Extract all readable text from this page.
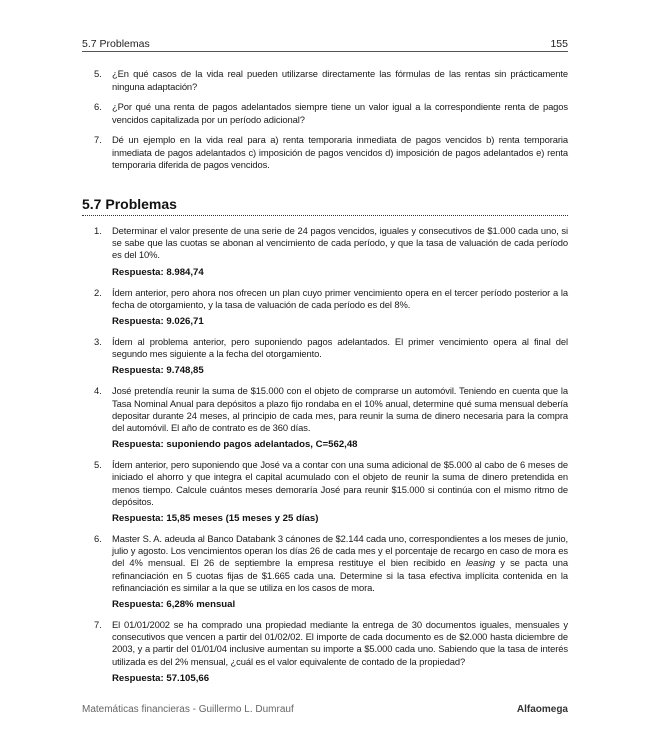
5.7 Problemas	155
5. ¿En qué casos de la vida real pueden utilizarse directamente las fórmulas de las rentas sin prácticamente ninguna adaptación?
6. ¿Por qué una renta de pagos adelantados siempre tiene un valor igual a la correspondiente renta de pagos vencidos capitalizada por un período adicional?
7. Dé un ejemplo en la vida real para a) renta temporaria inmediata de pagos vencidos b) renta temporaria inmediata de pagos adelantados c) imposición de pagos vencidos d) imposición de pagos adelantados e) renta temporaria diferida de pagos vencidos.
5.7 Problemas
1. Determinar el valor presente de una serie de 24 pagos vencidos, iguales y consecutivos de $1.000 cada uno, si se sabe que las cuotas se abonan al vencimiento de cada período, y que la tasa de valuación de cada período es del 10%.
Respuesta: 8.984,74
2. Ídem anterior, pero ahora nos ofrecen un plan cuyo primer vencimiento opera en el tercer período posterior a la fecha de otorgamiento, y la tasa de valuación de cada período es del 8%.
Respuesta: 9.026,71
3. Ídem al problema anterior, pero suponiendo pagos adelantados. El primer vencimiento opera al final del segundo mes siguiente a la fecha del otorgamiento.
Respuesta: 9.748,85
4. José pretendía reunir la suma de $15.000 con el objeto de comprarse un automóvil. Teniendo en cuenta que la Tasa Nominal Anual para depósitos a plazo fijo rondaba en el 10% anual, determine qué suma mensual debería depositar durante 24 meses, al principio de cada mes, para reunir la suma de dinero necesaria para la compra del automóvil. El año de contrato es de 360 días.
Respuesta: suponiendo pagos adelantados, C=562,48
5. Ídem anterior, pero suponiendo que José va a contar con una suma adicional de $5.000 al cabo de 6 meses de iniciado el ahorro y que integra el capital acumulado con el objeto de reunir la suma de dinero pretendida en menos tiempo. Calcule cuántos meses demoraría José para reunir $15.000 si continúa con el mismo ritmo de depósitos.
Respuesta: 15,85 meses (15 meses y 25 días)
6. Master S. A. adeuda al Banco Databank 3 cánones de $2.144 cada uno, correspondientes a los meses de junio, julio y agosto. Los vencimientos operan los días 26 de cada mes y el porcentaje de recargo en caso de mora es del 4% mensual. El 26 de septiembre la empresa restituye el bien recibido en leasing y se pacta una refinanciación en 5 cuotas fijas de $1.665 cada una. Determine si la tasa efectiva implícita contenida en la refinanciación es similar a la que se utiliza en los casos de mora.
Respuesta: 6,28% mensual
7. El 01/01/2002 se ha comprado una propiedad mediante la entrega de 30 documentos iguales, mensuales y consecutivos que vencen a partir del 01/02/02. El importe de cada documento es de $2.000 hasta diciembre de 2003, y a partir del 01/01/04 inclusive aumentan su importe a $5.000 cada uno. Sabiendo que la tasa de interés utilizada es del 2% mensual, ¿cuál es el valor equivalente de contado de la propiedad?
Respuesta: 57.105,66
Matemáticas financieras - Guillermo L. Dumrauf	Alfaomega
